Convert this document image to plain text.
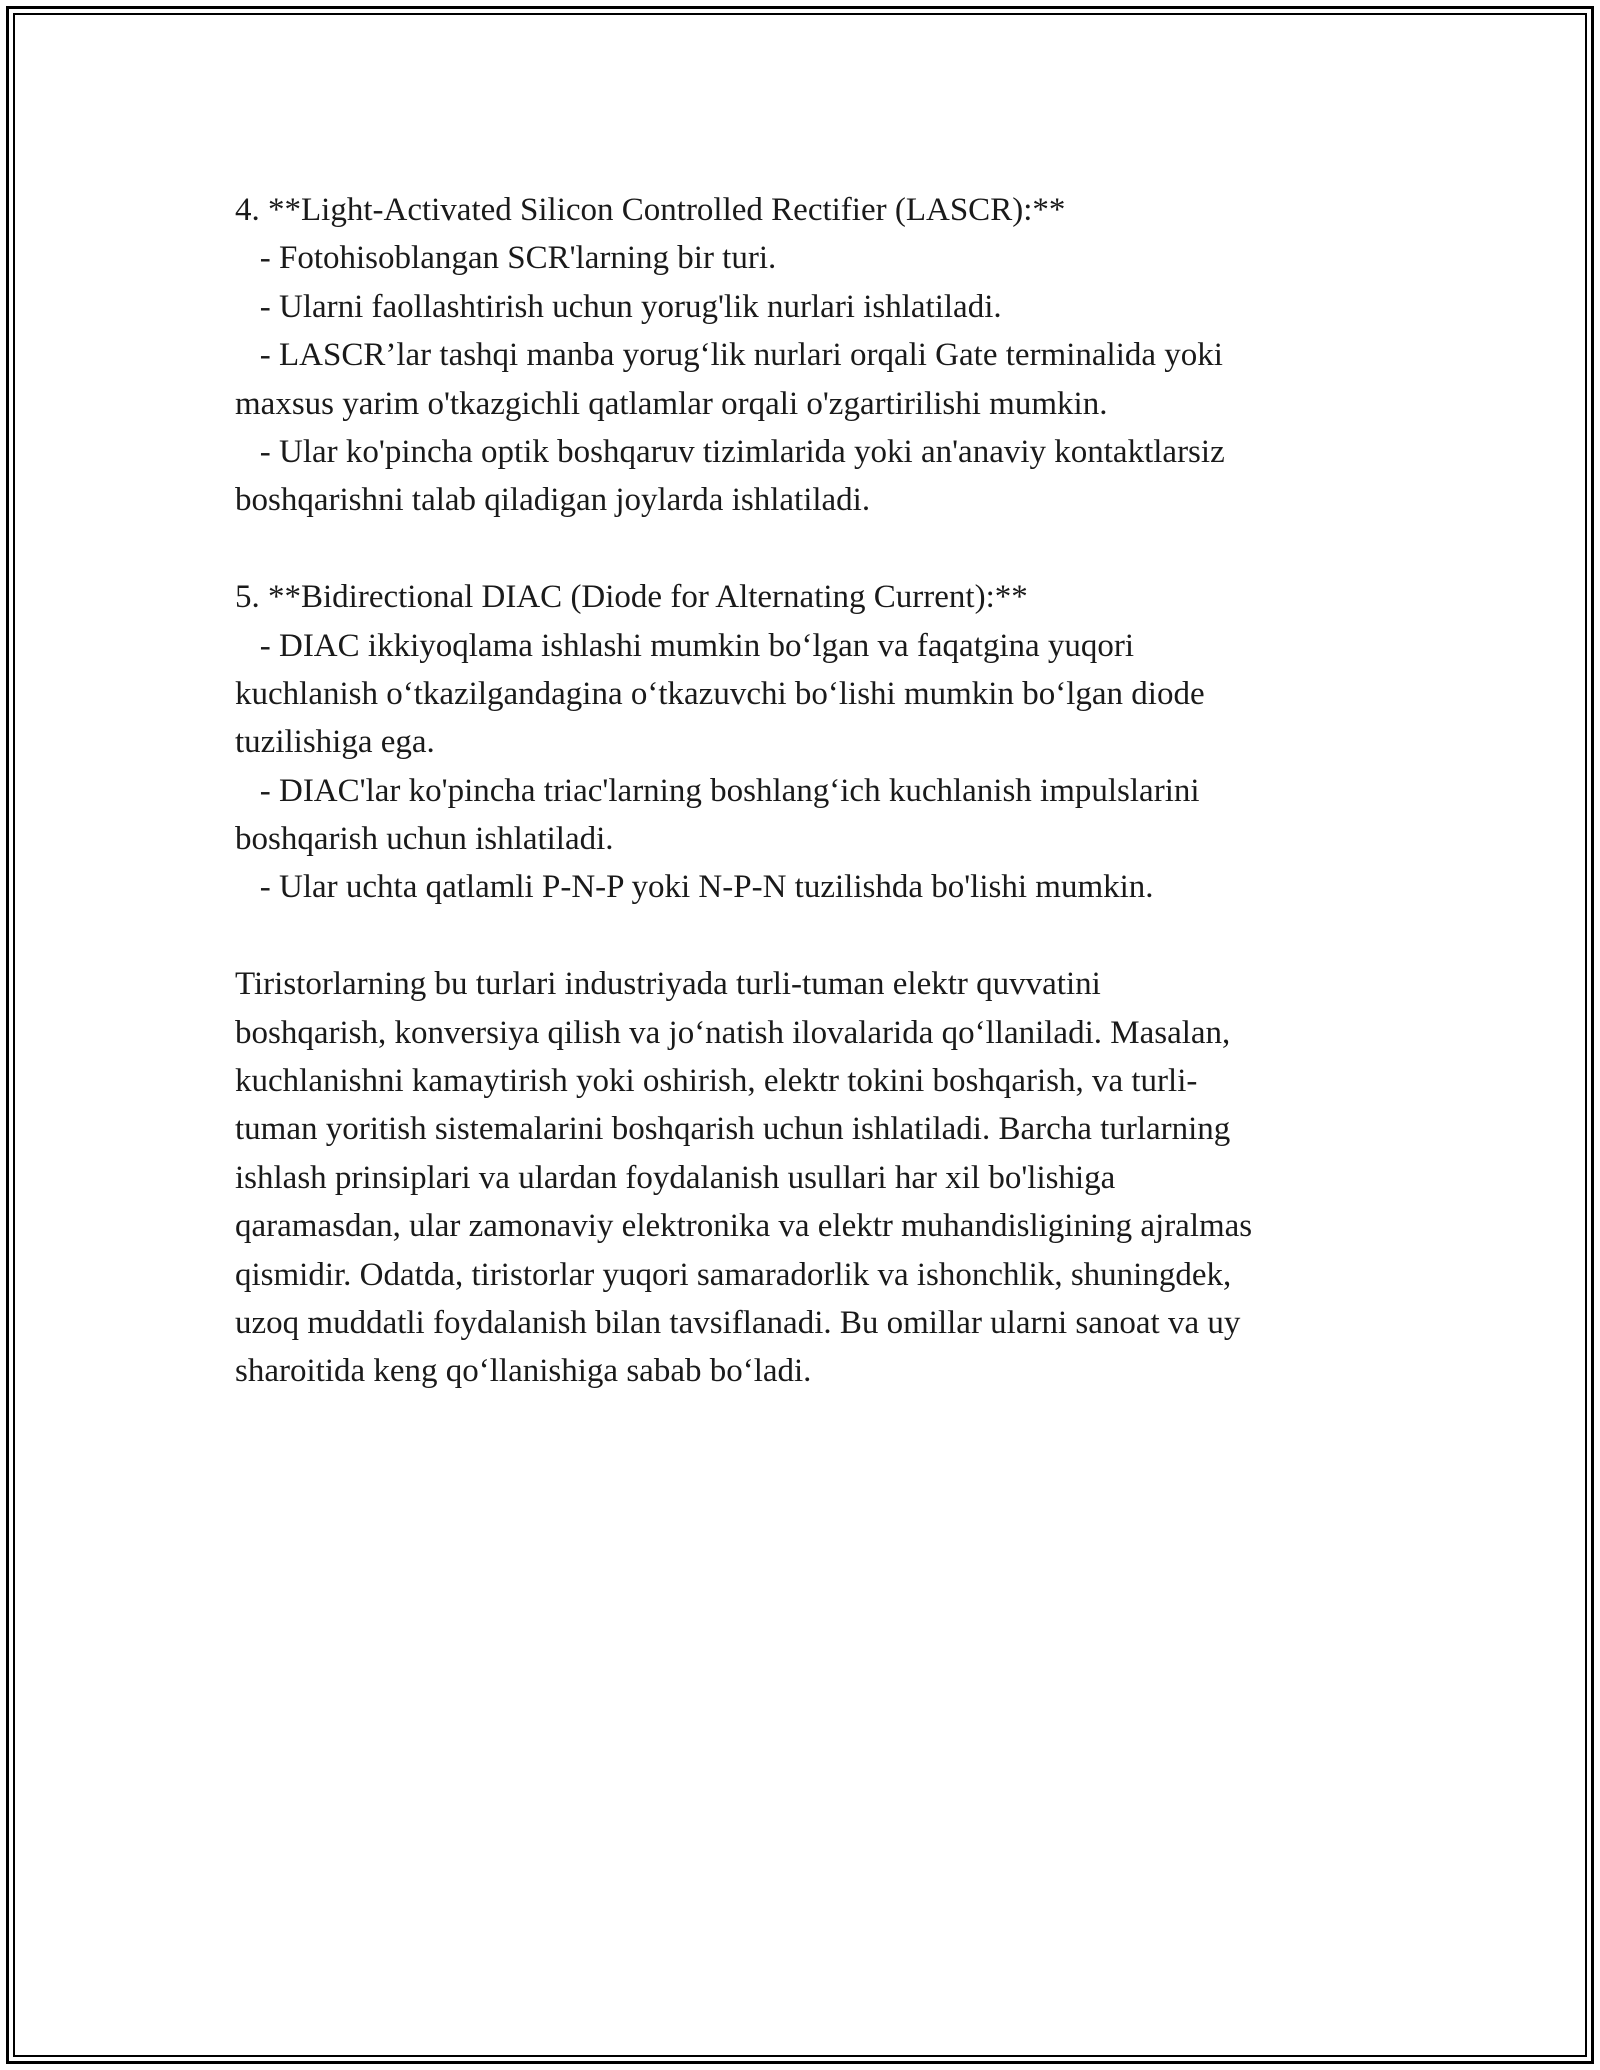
4. **Light-Activated Silicon Controlled Rectifier (LASCR):**

- Fotohisoblangan SCR'larning bir turi.

- Ularni faollashtirish uchun yorug'lik nurlari ishlatiladi.

- LASCR’lar tashqi manba yorug‘lik nurlari orqali Gate terminalida yoki

maxsus yarim o'tkazgichli qatlamlar orqali o'zgartirilishi mumkin.

- Ular ko'pincha optik boshqaruv tizimlarida yoki an'anaviy kontaktlarsiz

boshqarishni talab qiladigan joylarda ishlatiladi.

5. **Bidirectional DIAC (Diode for Alternating Current):**

- DIAC ikkiyoqlama ishlashi mumkin bo‘lgan va faqatgina yuqori

kuchlanish o‘tkazilgandagina o‘tkazuvchi bo‘lishi mumkin bo‘lgan diode

tuzilishiga ega.

- DIAC'lar ko'pincha triac'larning boshlang‘ich kuchlanish impulslarini

boshqarish uchun ishlatiladi.

- Ular uchta qatlamli P-N-P yoki N-P-N tuzilishda bo'lishi mumkin.

Tiristorlarning bu turlari industriyada turli-tuman elektr quvvatini

boshqarish, konversiya qilish va jo‘natish ilovalarida qo‘llaniladi. Masalan,

kuchlanishni kamaytirish yoki oshirish, elektr tokini boshqarish, va turli-

tuman yoritish sistemalarini boshqarish uchun ishlatiladi. Barcha turlarning

ishlash prinsiplari va ulardan foydalanish usullari har xil bo'lishiga

qaramasdan, ular zamonaviy elektronika va elektr muhandisligining ajralmas

qismidir. Odatda, tiristorlar yuqori samaradorlik va ishonchlik, shuningdek,

uzoq muddatli foydalanish bilan tavsiflanadi. Bu omillar ularni sanoat va uy

sharoitida keng qo‘llanishiga sabab bo‘ladi.
